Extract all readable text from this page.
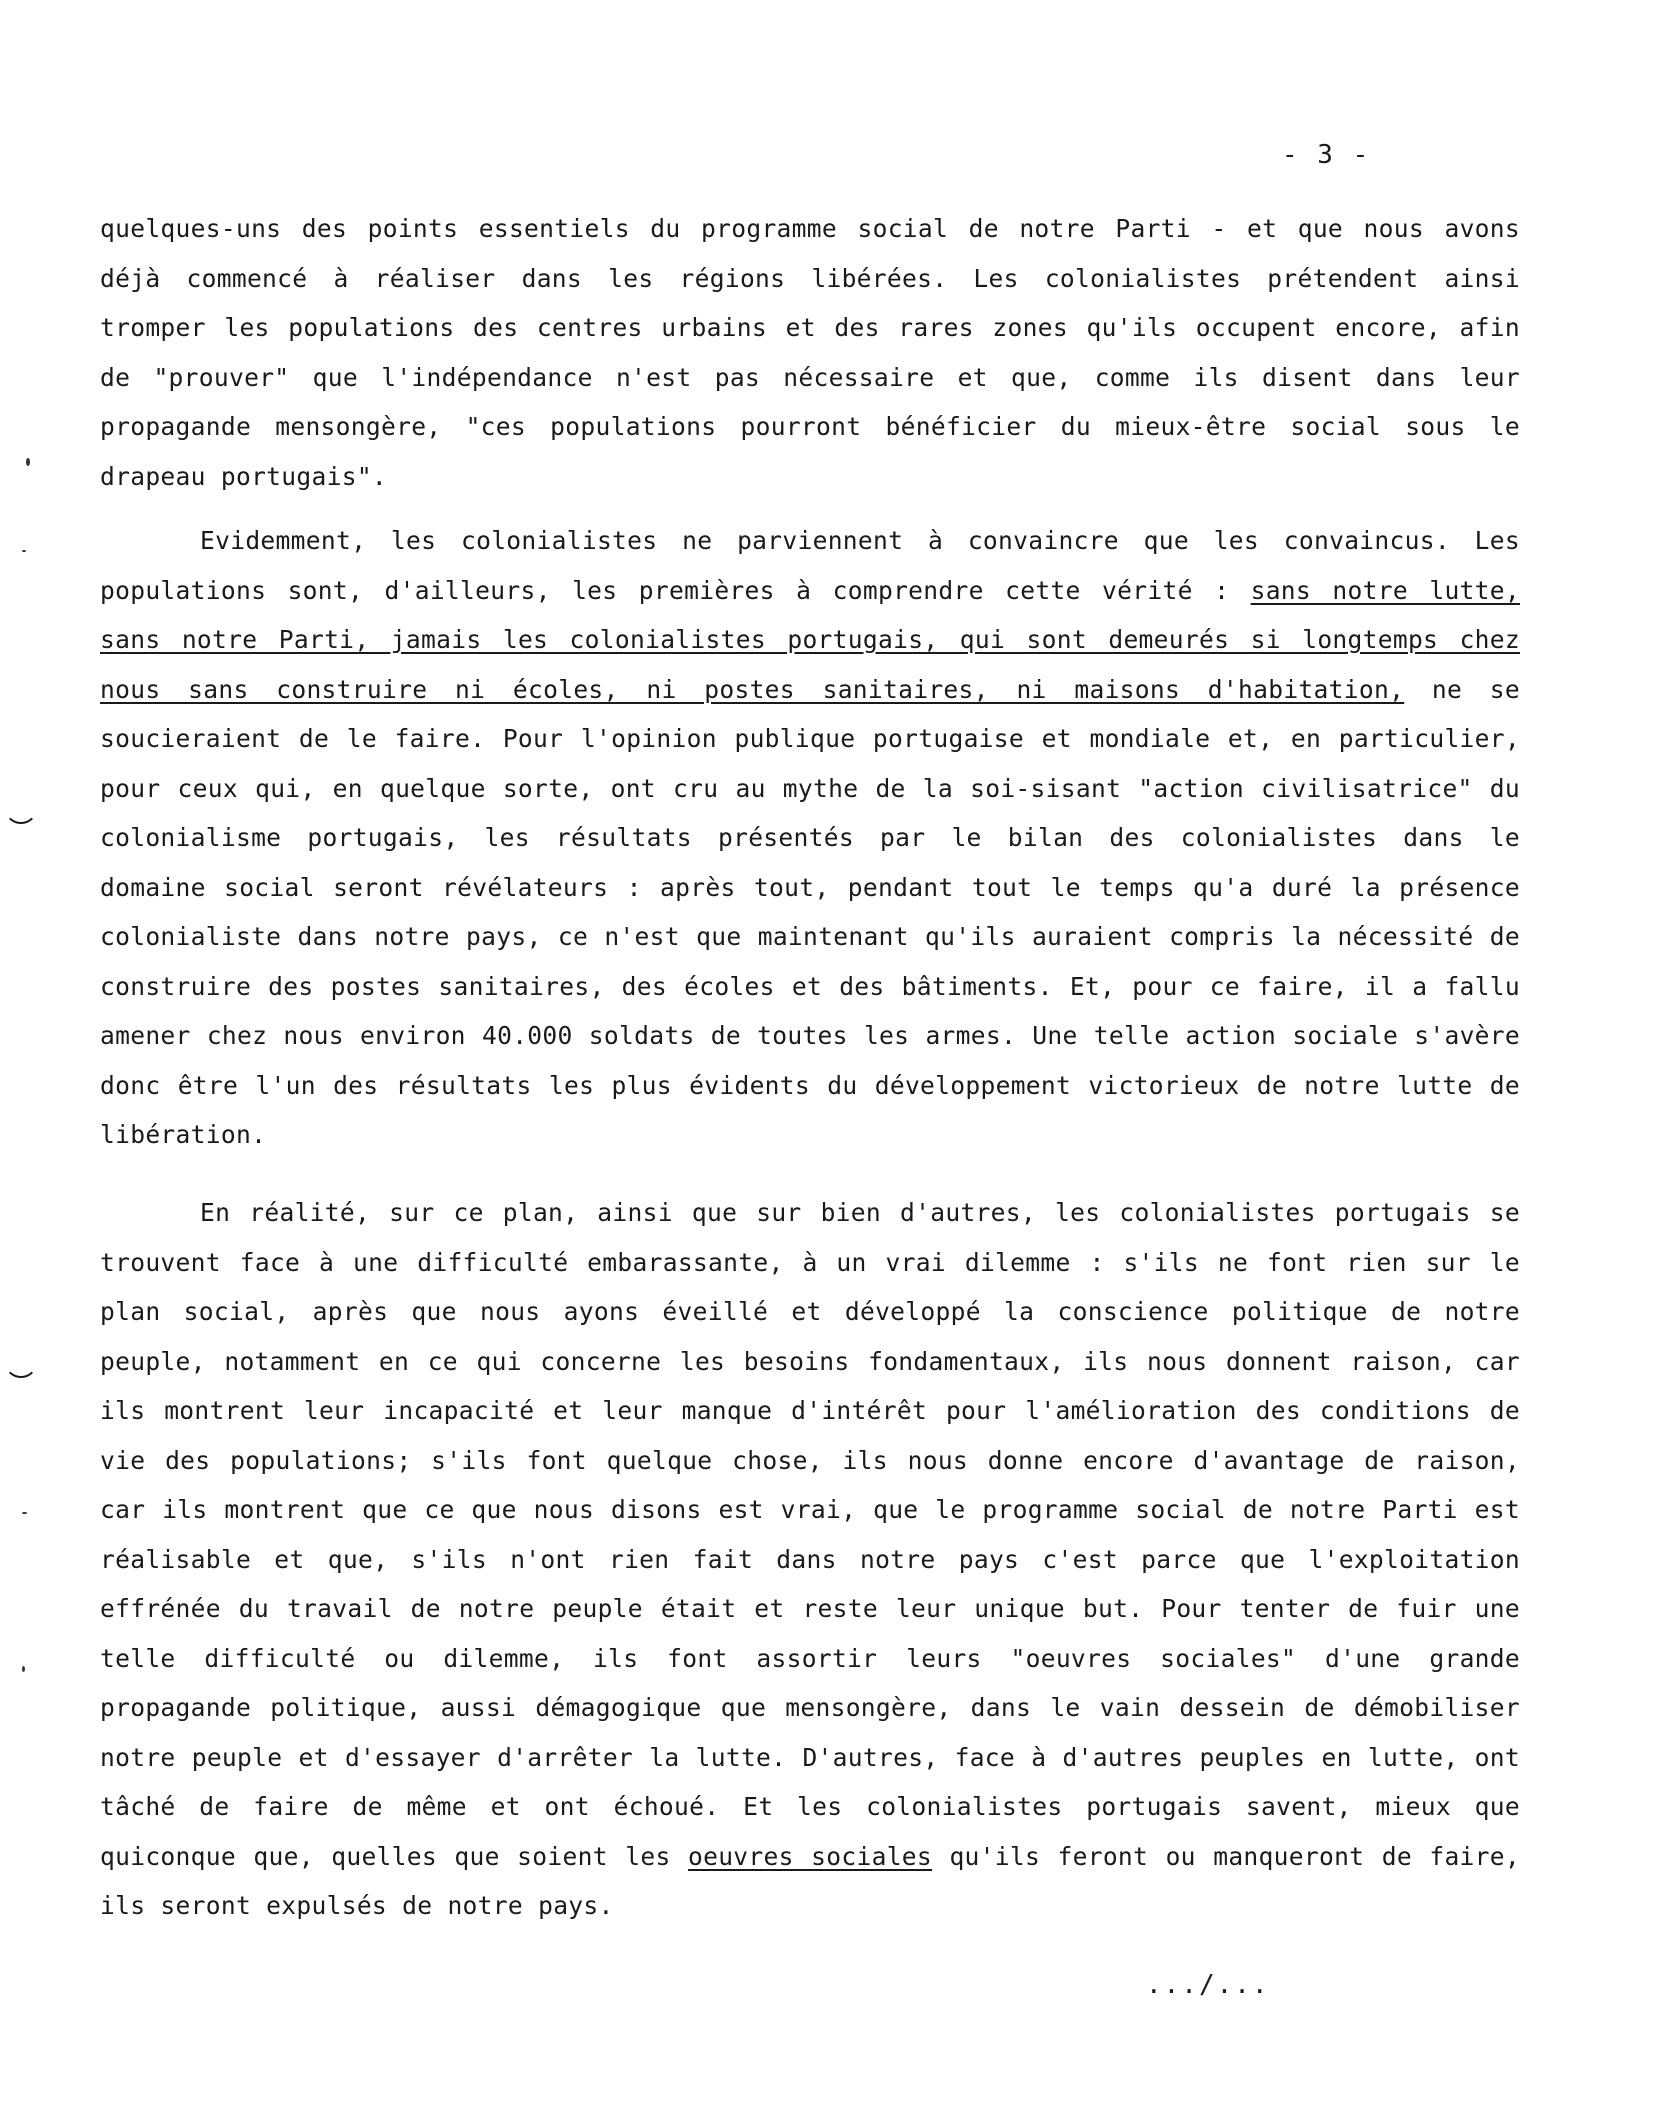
- 3 -

quelques-uns des points essentiels du programme social de notre Parti - et que nous avons déjà commencé à réaliser dans les régions libérées. Les colonialistes prétendent ainsi tromper les populations des centres urbains et des rares zones qu'ils occupent encore, afin de "prouver" que l'indépendance n'est pas nécessaire et que, comme ils disent dans leur propagande mensongère, "ces populations pourront bénéficier du mieux-être social sous le drapeau portugais".

Evidemment, les colonialistes ne parviennent à convaincre que les convaincus. Les populations sont, d'ailleurs, les premières à comprendre cette vérité : sans notre lutte, sans notre Parti, jamais les colonialistes portugais, qui sont demeurés si longtemps chez nous sans construire ni écoles, ni postes sanitaires, ni maisons d'habitation, ne se soucieraient de le faire. Pour l'opinion publique portugaise et mondiale et, en particulier, pour ceux qui, en quelque sorte, ont cru au mythe de la soi-sisant "action civilisatrice" du colonialisme portugais, les résultats présentés par le bilan des colonialistes dans le domaine social seront révélateurs : après tout, pendant tout le temps qu'a duré la présence colonialiste dans notre pays, ce n'est que maintenant qu'ils auraient compris la nécessité de construire des postes sanitaires, des écoles et des bâtiments. Et, pour ce faire, il a fallu amener chez nous environ 40.000 soldats de toutes les armes. Une telle action sociale s'avère donc être l'un des résultats les plus évidents du développement victorieux de notre lutte de libération.

En réalité, sur ce plan, ainsi que sur bien d'autres, les colonialistes portugais se trouvent face à une difficulté embarassante, à un vrai dilemme : s'ils ne font rien sur le plan social, après que nous ayons éveillé et développé la conscience politique de notre peuple, notamment en ce qui concerne les besoins fondamentaux, ils nous donnent raison, car ils montrent leur incapacité et leur manque d'intérêt pour l'amélioration des conditions de vie des populations; s'ils font quelque chose, ils nous donne encore d'avantage de raison, car ils montrent que ce que nous disons est vrai, que le programme social de notre Parti est réalisable et que, s'ils n'ont rien fait dans notre pays c'est parce que l'exploitation effrénée du travail de notre peuple était et reste leur unique but. Pour tenter de fuir une telle difficulté ou dilemme, ils font assortir leurs "oeuvres sociales" d'une grande propagande politique, aussi démagogique que mensongère, dans le vain dessein de démobiliser notre peuple et d'essayer d'arrêter la lutte. D'autres, face à d'autres peuples en lutte, ont tâché de faire de même et ont échoué. Et les colonialistes portugais savent, mieux que quiconque que, quelles que soient les oeuvres sociales qu'ils feront ou manqueront de faire, ils seront expulsés de notre pays.

.../...
